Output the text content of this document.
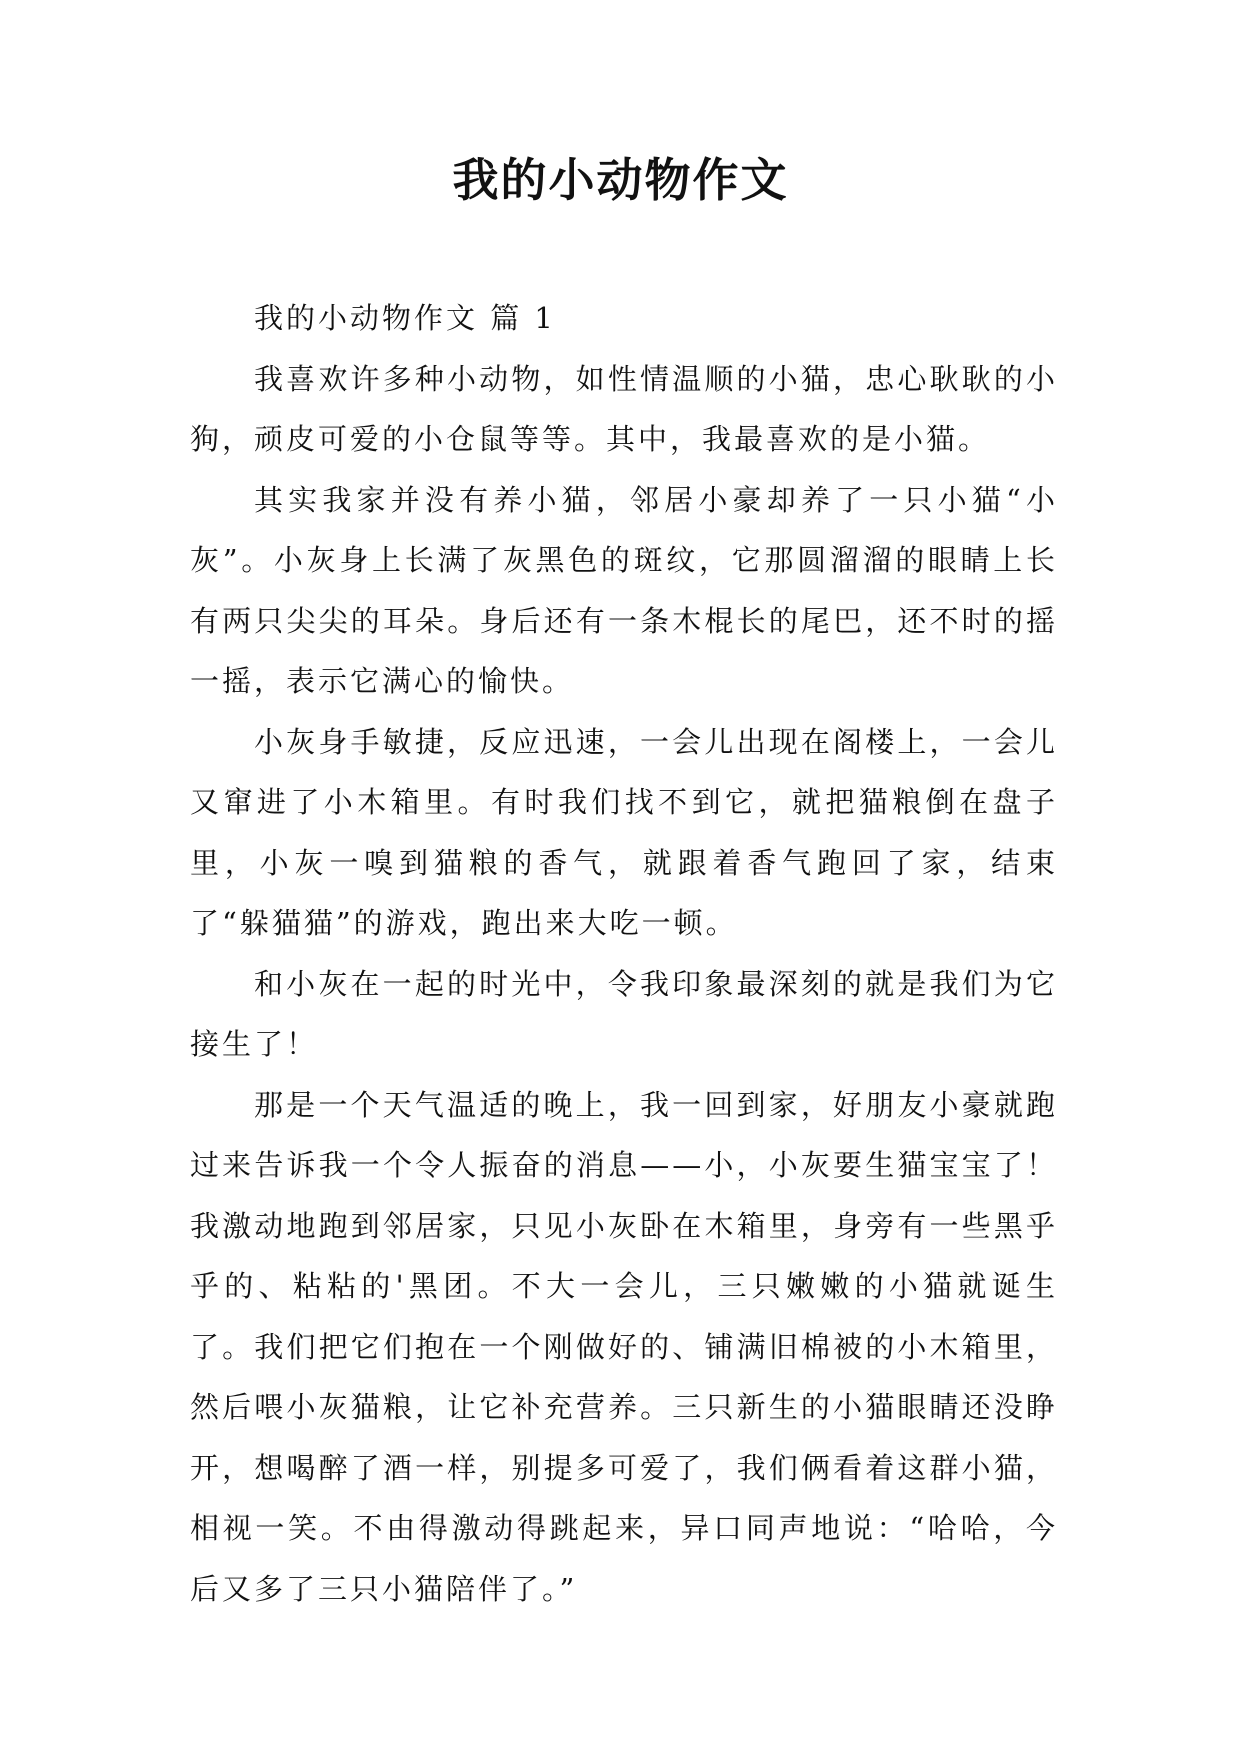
我的小动物作文
我的小动物作文 篇 1

我喜欢许多种小动物，如性情温顺的小猫，忠心耿耿的小狗，顽皮可爱的小仓鼠等等。其中，我最喜欢的是小猫。

其实我家并没有养小猫，邻居小豪却养了一只小猫“小灰”。小灰身上长满了灰黑色的斑纹，它那圆溜溜的眼睛上长有两只尖尖的耳朵。身后还有一条木棍长的尾巴，还不时的摇一摇，表示它满心的愉快。

小灰身手敏捷，反应迅速，一会儿出现在阁楼上，一会儿又窜进了小木箱里。有时我们找不到它，就把猫粮倒在盘子里，小灰一嗅到猫粮的香气，就跟着香气跑回了家，结束了“躲猫猫”的游戏，跑出来大吃一顿。

和小灰在一起的时光中，令我印象最深刻的就是我们为它接生了！

那是一个天气温适的晚上，我一回到家，好朋友小豪就跑过来告诉我一个令人振奋的消息——小，小灰要生猫宝宝了！我激动地跑到邻居家，只见小灰卧在木箱里，身旁有一些黑乎乎的、粘粘的'黑团。不大一会儿，三只嫩嫩的小猫就诞生了。我们把它们抱在一个刚做好的、铺满旧棉被的小木箱里，然后喂小灰猫粮，让它补充营养。三只新生的小猫眼睛还没睁开，想喝醉了酒一样，别提多可爱了，我们俩看着这群小猫，相视一笑。不由得激动得跳起来，异口同声地说：“哈哈，今后又多了三只小猫陪伴了。”
